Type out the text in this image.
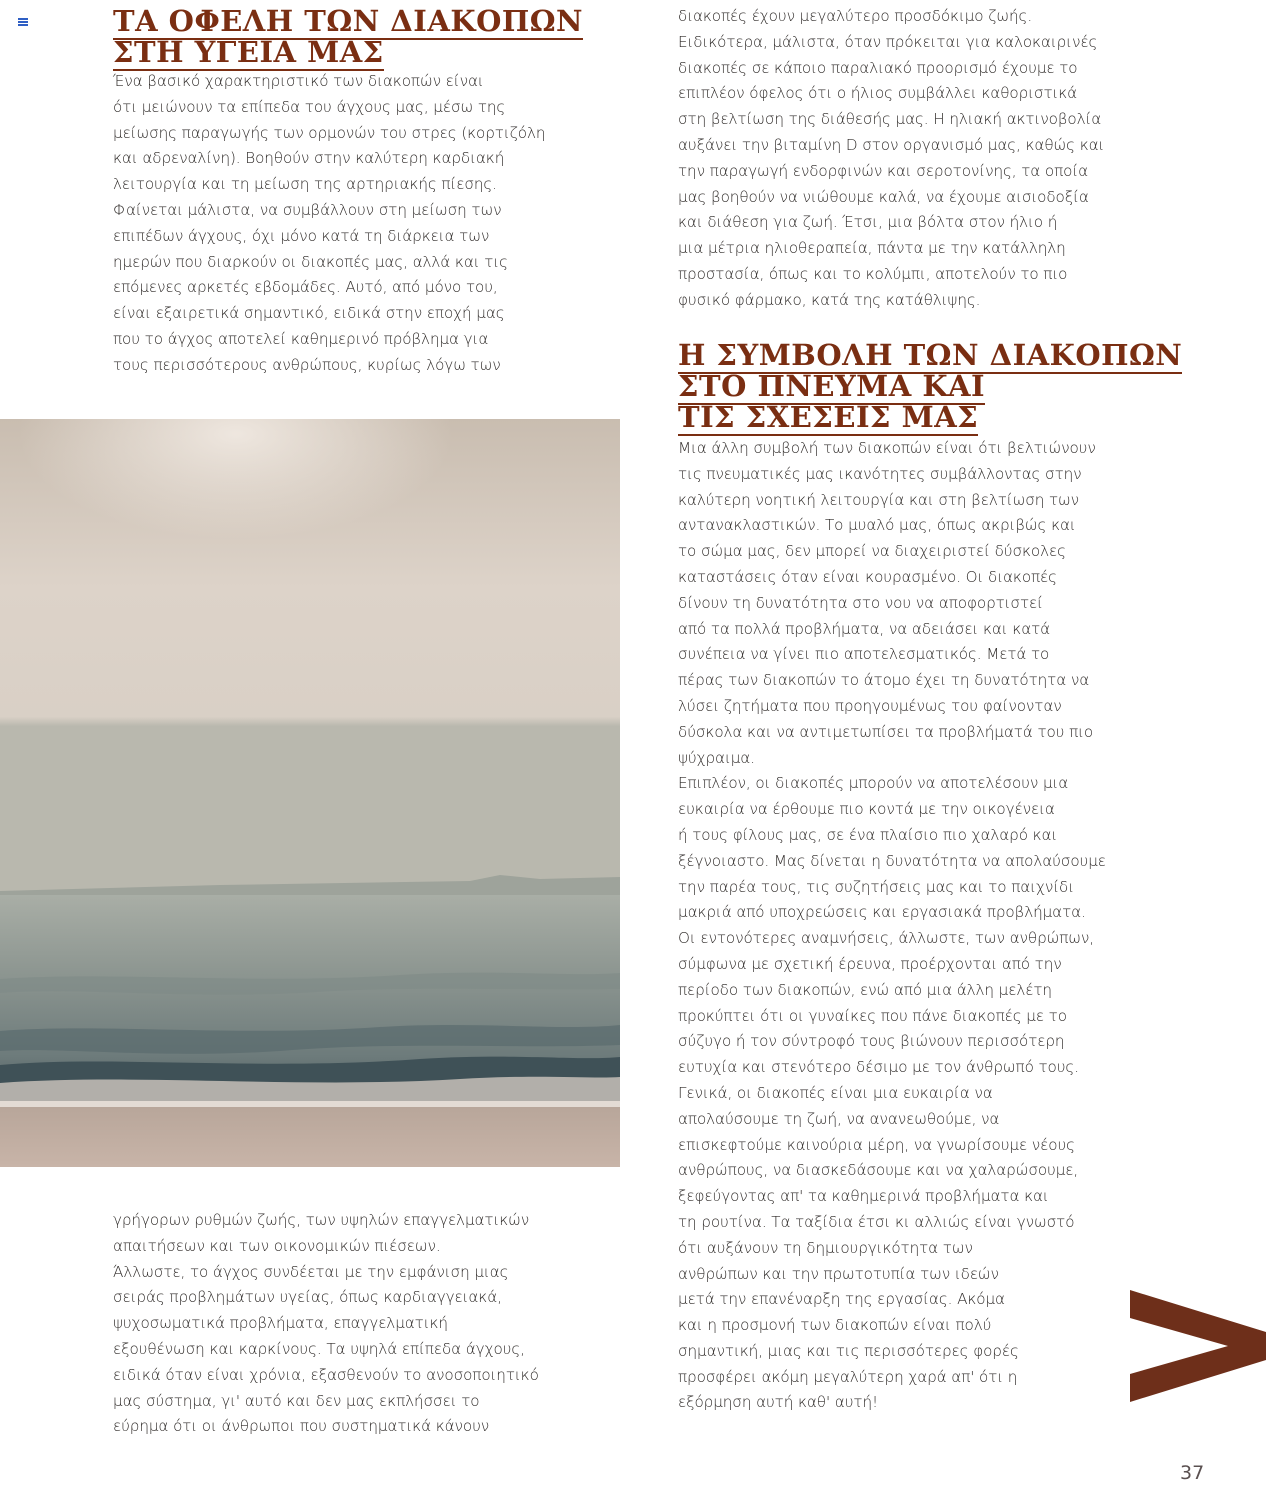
ΤΑ ΟΦΕΛΗ ΤΩΝ ΔΙΑΚΟΠΩΝ
ΣΤΗ ΥΓΕΙΑ ΜΑΣ

Ένα βασικό χαρακτηριστικό των διακοπών είναι

ότι μειώνουν τα επίπεδα του άγχους μας, μέσω της

μείωσης παραγωγής των ορμονών του στρες (κορτιζόλη

και αδρεναλίνη). Βοηθούν στην καλύτερη καρδιακή

λειτουργία και τη μείωση της αρτηριακής πίεσης.

Φαίνεται μάλιστα, να συμβάλλουν στη μείωση των

επιπέδων άγχους, όχι μόνο κατά τη διάρκεια των

ημερών που διαρκούν οι διακοπές μας, αλλά και τις

επόμενες αρκετές εβδομάδες. Αυτό, από μόνο του,

είναι εξαιρετικά σημαντικό, ειδικά στην εποχή μας

που το άγχος αποτελεί καθημερινό πρόβλημα για

τους περισσότερους ανθρώπους, κυρίως λόγω των

γρήγορων ρυθμών ζωής, των υψηλών επαγγελματικών

απαιτήσεων και των οικονομικών πιέσεων.

Άλλωστε, το άγχος συνδέεται με την εμφάνιση μιας

σειράς προβλημάτων υγείας, όπως καρδιαγγειακά,

ψυχοσωματικά προβλήματα, επαγγελματική

εξουθένωση και καρκίνους. Τα υψηλά επίπεδα άγχους,

ειδικά όταν είναι χρόνια, εξασθενούν το ανοσοποιητικό

μας σύστημα, γι' αυτό και δεν μας εκπλήσσει το

εύρημα ότι οι άνθρωποι που συστηματικά κάνουν

διακοπές έχουν μεγαλύτερο προσδόκιμο ζωής.

Ειδικότερα, μάλιστα, όταν πρόκειται για καλοκαιρινές

διακοπές σε κάποιο παραλιακό προορισμό έχουμε το

επιπλέον όφελος ότι ο ήλιος συμβάλλει καθοριστικά

στη βελτίωση της διάθεσής μας. Η ηλιακή ακτινοβολία

αυξάνει την βιταμίνη D στον οργανισμό μας, καθώς και

την παραγωγή ενδορφινών και σεροτονίνης, τα οποία

μας βοηθούν να νιώθουμε καλά, να έχουμε αισιοδοξία

και διάθεση για ζωή. Έτσι, μια βόλτα στον ήλιο ή

μια μέτρια ηλιοθεραπεία, πάντα με την κατάλληλη

προστασία, όπως και το κολύμπι, αποτελούν το πιο

φυσικό φάρμακο, κατά της κατάθλιψης.

Η ΣΥΜΒΟΛΗ ΤΩΝ ΔΙΑΚΟΠΩΝ
ΣΤΟ ΠΝΕΥΜΑ ΚΑΙ
ΤΙΣ ΣΧΕΣΕΙΣ ΜΑΣ

Μια άλλη συμβολή των διακοπών είναι ότι βελτιώνουν

τις πνευματικές μας ικανότητες συμβάλλοντας στην

καλύτερη νοητική λειτουργία και στη βελτίωση των

αντανακλαστικών. Το μυαλό μας, όπως ακριβώς και

το σώμα μας, δεν μπορεί να διαχειριστεί δύσκολες

καταστάσεις όταν είναι κουρασμένο. Οι διακοπές

δίνουν τη δυνατότητα στο νου να αποφορτιστεί

από τα πολλά προβλήματα, να αδειάσει και κατά

συνέπεια να γίνει πιο αποτελεσματικός. Μετά το

πέρας των διακοπών το άτομο έχει τη δυνατότητα να

λύσει ζητήματα που προηγουμένως του φαίνονταν

δύσκολα και να αντιμετωπίσει τα προβλήματά του πιο

ψύχραιμα.

Επιπλέον, οι διακοπές μπορούν να αποτελέσουν μια

ευκαιρία να έρθουμε πιο κοντά με την οικογένεια

ή τους φίλους μας, σε ένα πλαίσιο πιο χαλαρό και

ξέγνοιαστο. Μας δίνεται η δυνατότητα να απολαύσουμε

την παρέα τους, τις συζητήσεις μας και το παιχνίδι

μακριά από υποχρεώσεις και εργασιακά προβλήματα.

Οι εντονότερες αναμνήσεις, άλλωστε, των ανθρώπων,

σύμφωνα με σχετική έρευνα, προέρχονται από την

περίοδο των διακοπών, ενώ από μια άλλη μελέτη

προκύπτει ότι οι γυναίκες που πάνε διακοπές με το

σύζυγο ή τον σύντροφό τους βιώνουν περισσότερη

ευτυχία και στενότερο δέσιμο με τον άνθρωπό τους.

Γενικά, οι διακοπές είναι μια ευκαιρία να

απολαύσουμε τη ζωή, να ανανεωθούμε, να

επισκεφτούμε καινούρια μέρη, να γνωρίσουμε νέους

ανθρώπους, να διασκεδάσουμε και να χαλαρώσουμε,

ξεφεύγοντας απ' τα καθημερινά προβλήματα και

τη ρουτίνα. Τα ταξίδια έτσι κι αλλιώς είναι γνωστό

ότι αυξάνουν τη δημιουργικότητα των

ανθρώπων και την πρωτοτυπία των ιδεών

μετά την επανέναρξη της εργασίας. Ακόμα

και η προσμονή των διακοπών είναι πολύ

σημαντική, μιας και τις περισσότερες φορές

προσφέρει ακόμη μεγαλύτερη χαρά απ' ότι η

εξόρμηση αυτή καθ' αυτή!

37
